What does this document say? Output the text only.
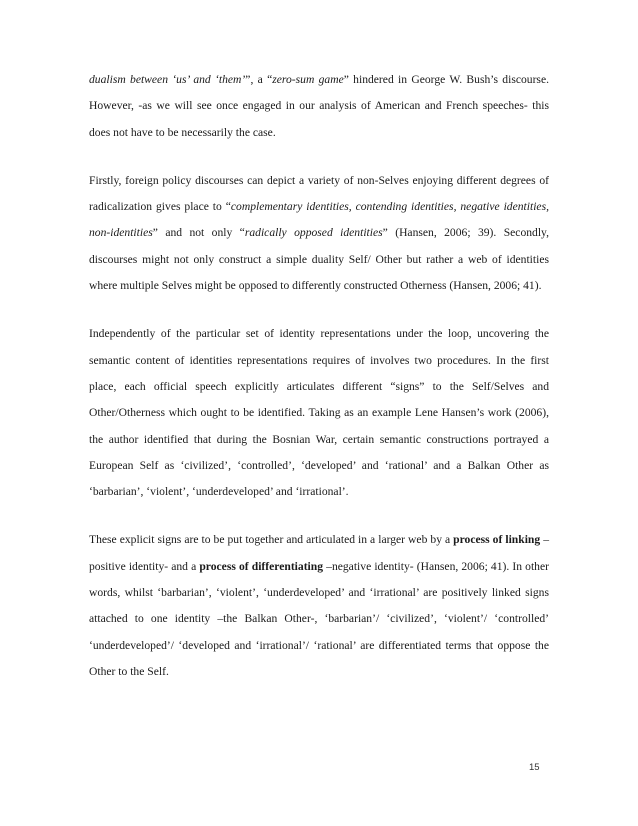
dualism between ‘us’ and ‘them’”, a “zero-sum game” hindered in George W. Bush’s discourse. However, -as we will see once engaged in our analysis of American and French speeches- this does not have to be necessarily the case.

Firstly, foreign policy discourses can depict a variety of non-Selves enjoying different degrees of radicalization gives place to “complementary identities, contending identities, negative identities, non-identities” and not only “radically opposed identities” (Hansen, 2006; 39). Secondly, discourses might not only construct a simple duality Self/ Other but rather a web of identities where multiple Selves might be opposed to differently constructed Otherness (Hansen, 2006; 41).

Independently of the particular set of identity representations under the loop, uncovering the semantic content of identities representations requires of involves two procedures. In the first place, each official speech explicitly articulates different “signs” to the Self/Selves and Other/Otherness which ought to be identified. Taking as an example Lene Hansen’s work (2006), the author identified that during the Bosnian War, certain semantic constructions portrayed a European Self as ‘civilized’, ‘controlled’, ‘developed’ and ‘rational’ and a Balkan Other as ‘barbarian’, ‘violent’, ‘underdeveloped’ and ‘irrational’.

These explicit signs are to be put together and articulated in a larger web by a process of linking –positive identity- and a process of differentiating –negative identity- (Hansen, 2006; 41). In other words, whilst ‘barbarian’, ‘violent’, ‘underdeveloped’ and ‘irrational’ are positively linked signs attached to one identity –the Balkan Other-, ‘barbarian’/ ‘civilized’, ‘violent’/ ‘controlled’ ‘underdeveloped’/ ‘developed and ‘irrational’/ ‘rational’ are differentiated terms that oppose the Other to the Self.

15
